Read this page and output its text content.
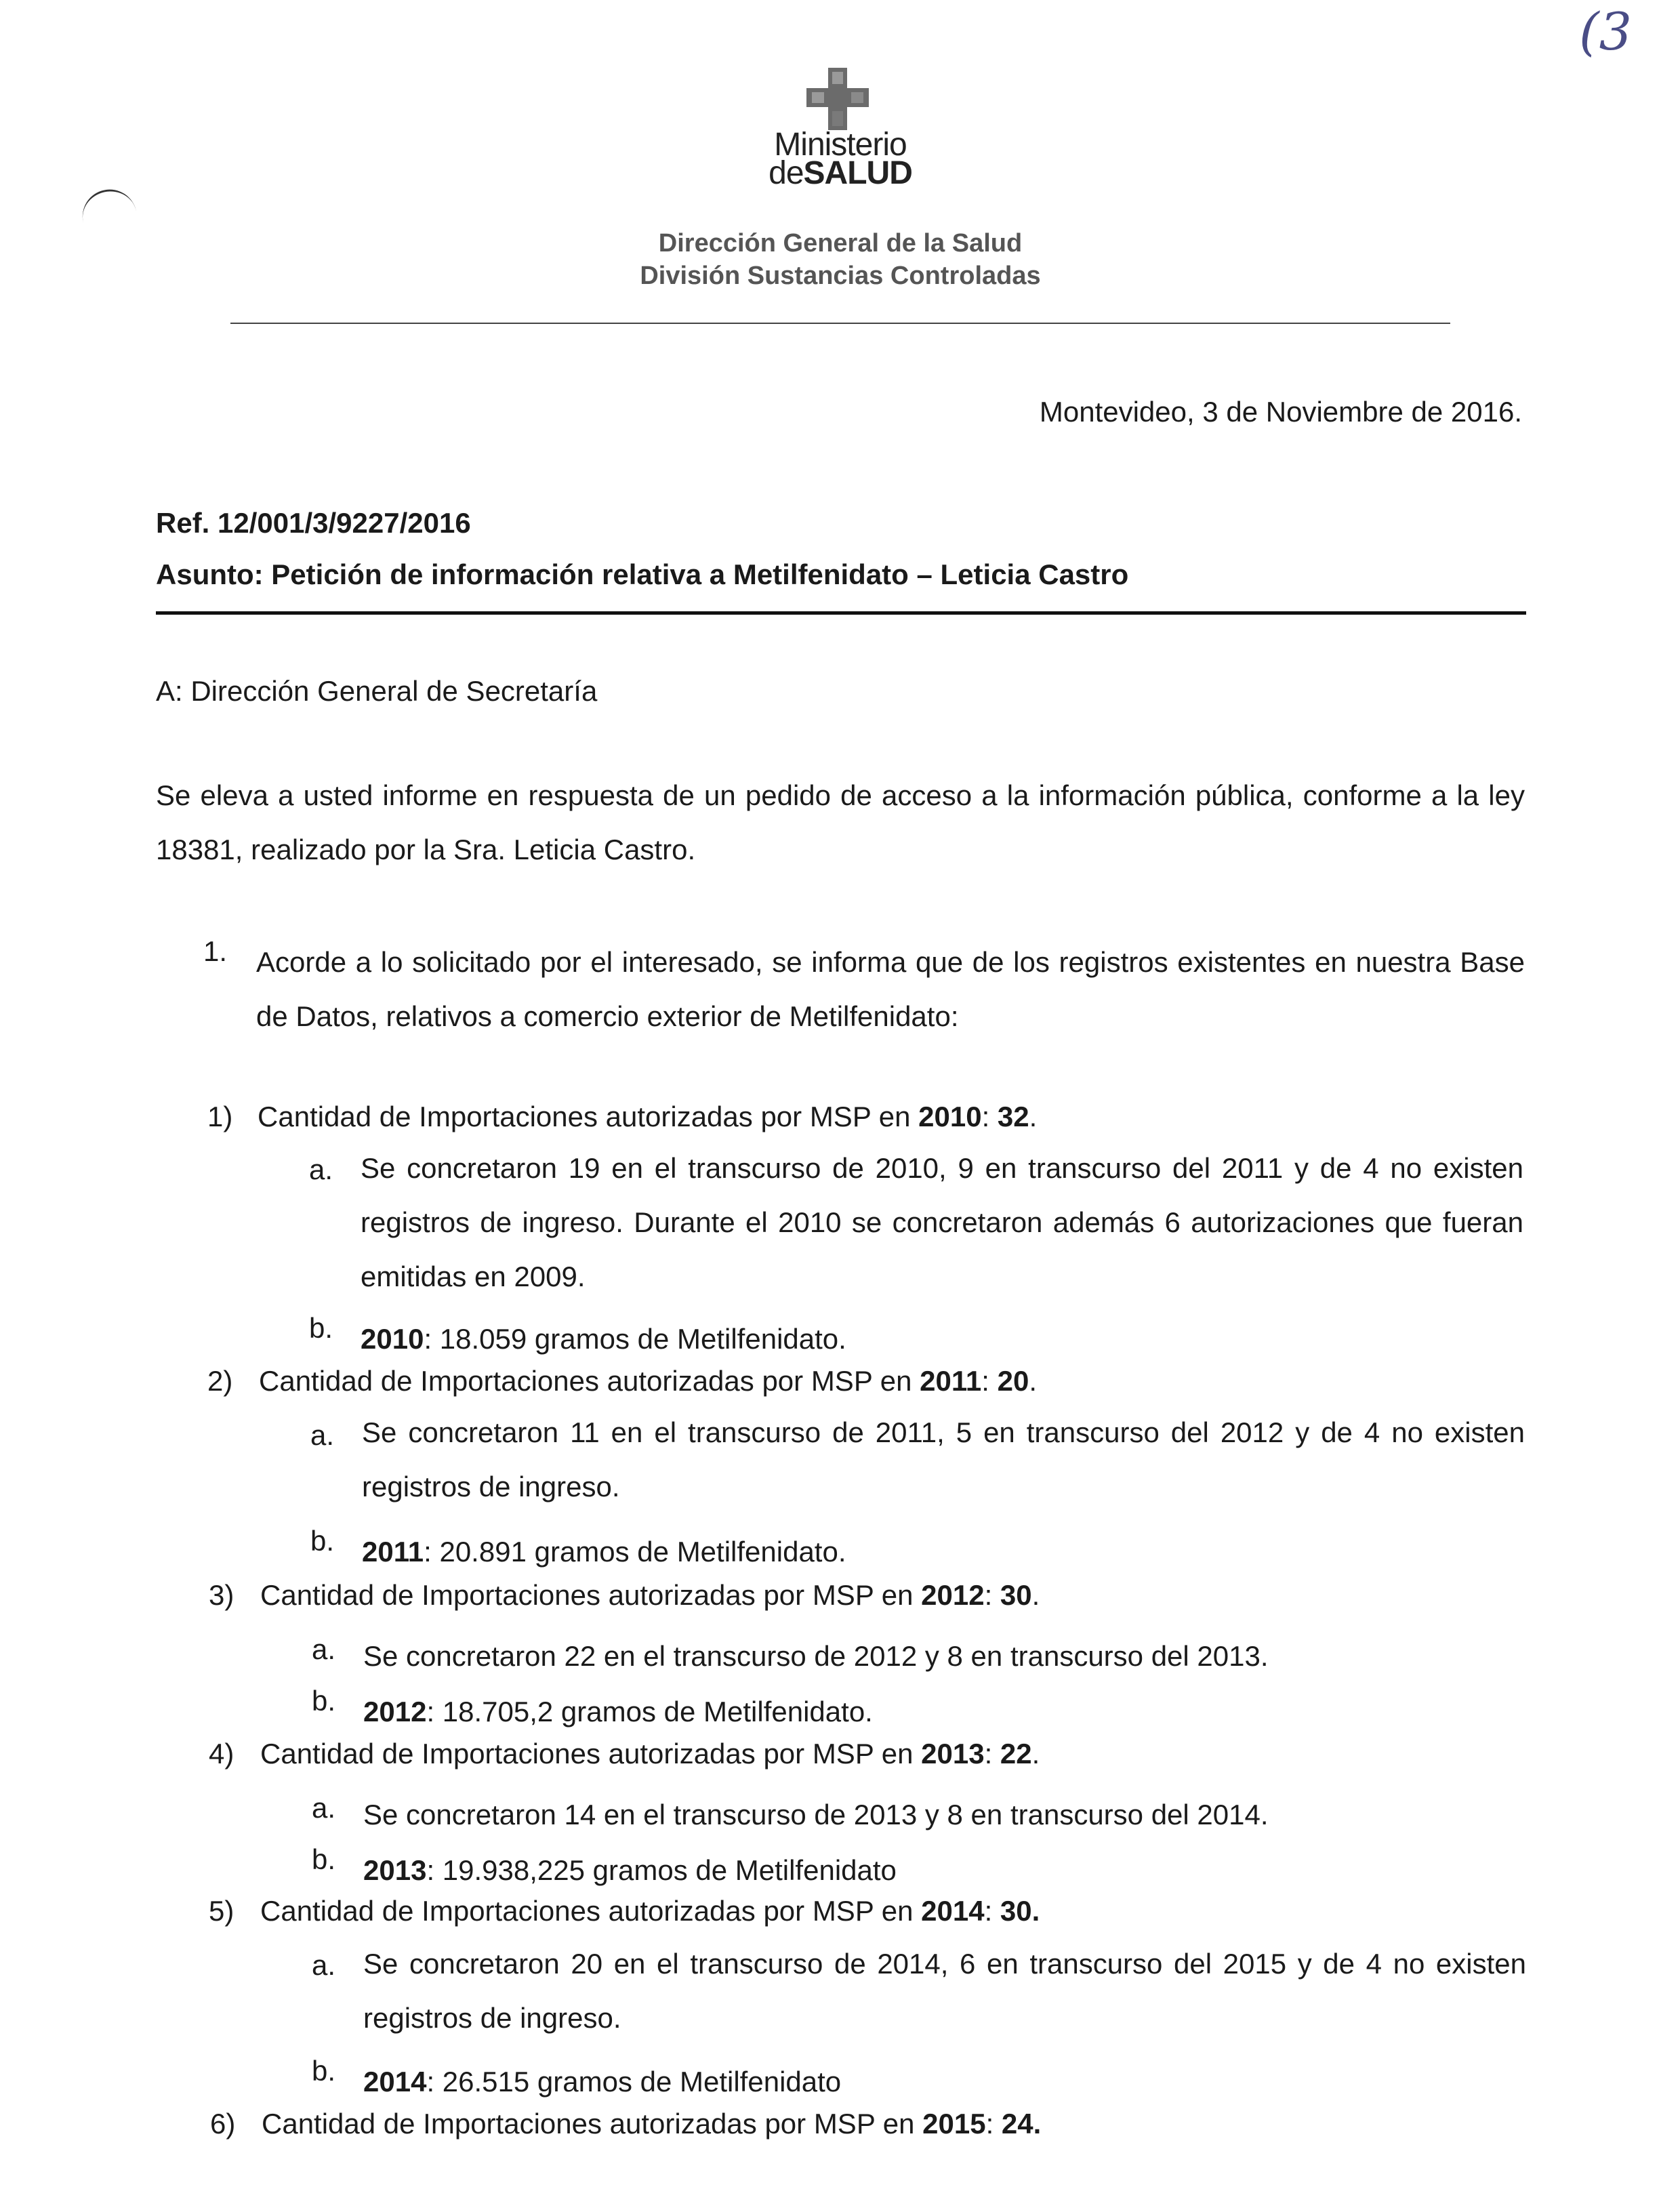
(3
Ministerio
deSALUD
Dirección General de la Salud
División Sustancias Controladas
Montevideo, 3 de Noviembre de 2016.
Ref. 12/001/3/9227/2016
Asunto: Petición de información relativa a Metilfenidato – Leticia Castro
A: Dirección General de Secretaría
Se eleva a usted informe en respuesta de un pedido de acceso a la información pública, conforme a la ley 18381, realizado por la Sra. Leticia Castro.
1. Acorde a lo solicitado por el interesado, se informa que de los registros existentes en nuestra Base de Datos, relativos a comercio exterior de Metilfenidato:
1) Cantidad de Importaciones autorizadas por MSP en 2010: 32.
a. Se concretaron 19 en el transcurso de 2010, 9 en transcurso del 2011 y de 4 no existen registros de ingreso. Durante el 2010 se concretaron además 6 autorizaciones que fueran emitidas en 2009.
b. 2010: 18.059 gramos de Metilfenidato.
2) Cantidad de Importaciones autorizadas por MSP en 2011: 20.
a. Se concretaron 11 en el transcurso de 2011, 5 en transcurso del 2012 y de 4 no existen registros de ingreso.
b. 2011: 20.891 gramos de Metilfenidato.
3) Cantidad de Importaciones autorizadas por MSP en 2012: 30.
a. Se concretaron 22 en el transcurso de 2012 y 8 en transcurso del 2013.
b. 2012: 18.705,2 gramos de Metilfenidato.
4) Cantidad de Importaciones autorizadas por MSP en 2013: 22.
a. Se concretaron 14 en el transcurso de 2013 y 8 en transcurso del 2014.
b. 2013: 19.938,225 gramos de Metilfenidato
5) Cantidad de Importaciones autorizadas por MSP en 2014: 30.
a. Se concretaron 20 en el transcurso de 2014, 6 en transcurso del 2015 y de 4 no existen registros de ingreso.
b. 2014: 26.515 gramos de Metilfenidato
6) Cantidad de Importaciones autorizadas por MSP en 2015: 24.
